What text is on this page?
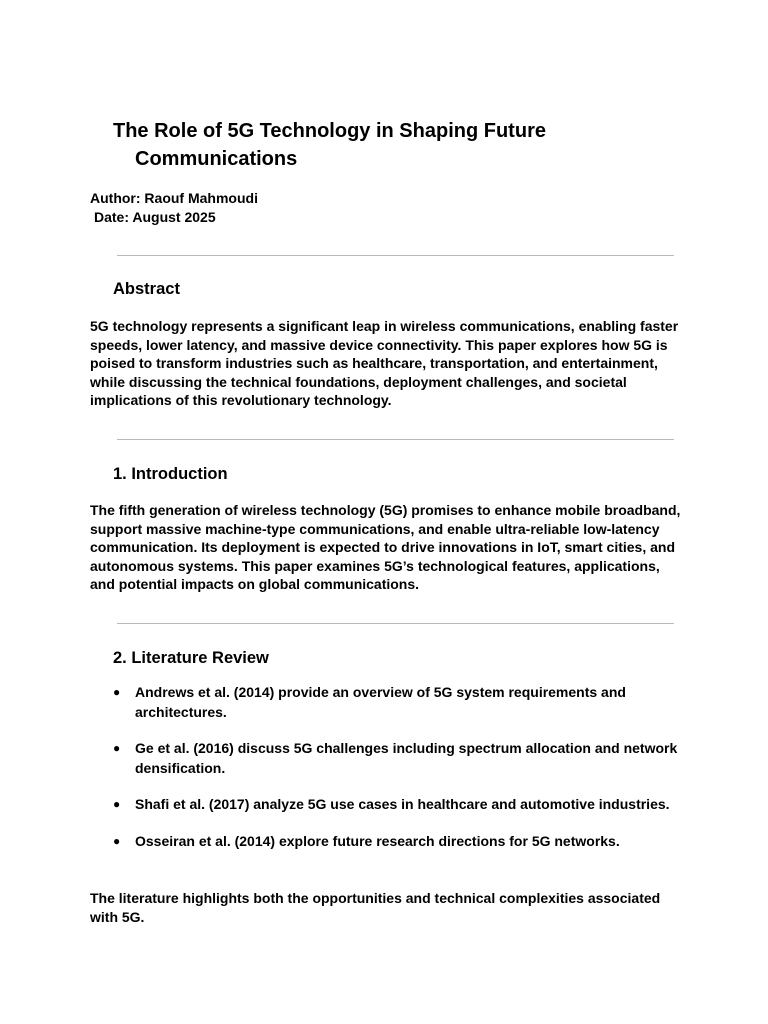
The Role of 5G Technology in Shaping Future
Communications

Author: Raouf Mahmoudi

Date: August 2025

Abstract

5G technology represents a significant leap in wireless communications, enabling faster speeds, lower latency, and massive device connectivity. This paper explores how 5G is poised to transform industries such as healthcare, transportation, and entertainment, while discussing the technical foundations, deployment challenges, and societal implications of this revolutionary technology.

1. Introduction

The fifth generation of wireless technology (5G) promises to enhance mobile broadband, support massive machine-type communications, and enable ultra-reliable low-latency communication. Its deployment is expected to drive innovations in IoT, smart cities, and autonomous systems. This paper examines 5G’s technological features, applications, and potential impacts on global communications.

2. Literature Review
● Andrews et al. (2014) provide an overview of 5G system requirements and architectures.
● Ge et al. (2016) discuss 5G challenges including spectrum allocation and network densification.
● Shafi et al. (2017) analyze 5G use cases in healthcare and automotive industries.
● Osseiran et al. (2014) explore future research directions for 5G networks.

The literature highlights both the opportunities and technical complexities associated with 5G.
